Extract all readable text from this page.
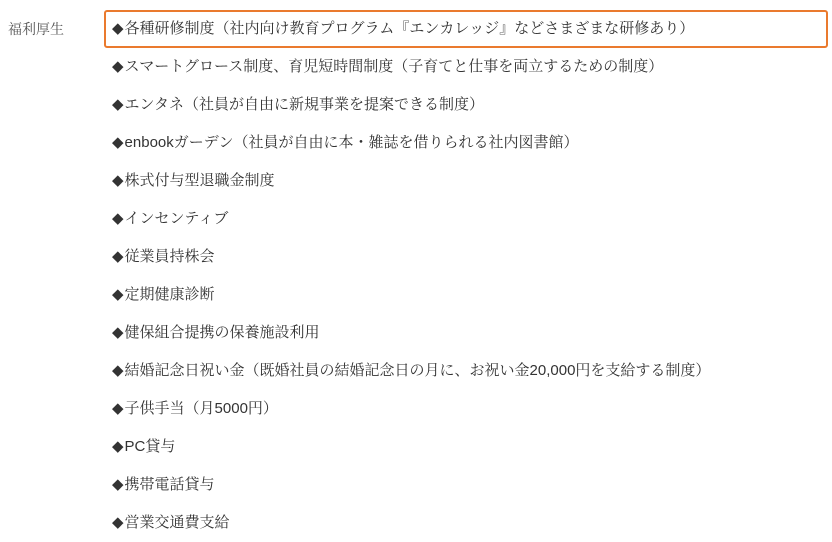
福利厚生	◆各種研修制度（社内向け教育プログラム『エンカレッジ』などさまざまな研修あり）
◆スマートグロース制度、育児短時間制度（子育てと仕事を両立するための制度）
◆エンタネ（社員が自由に新規事業を提案できる制度）
◆enbookガーデン（社員が自由に本・雑誌を借りられる社内図書館）
◆株式付与型退職金制度
◆インセンティブ
◆従業員持株会
◆定期健康診断
◆健保組合提携の保養施設利用
◆結婚記念日祝い金（既婚社員の結婚記念日の月に、お祝い金20,000円を支給する制度）
◆子供手当（月5000円）
◆PC貸与
◆携帯電話貸与
◆営業交通費支給
